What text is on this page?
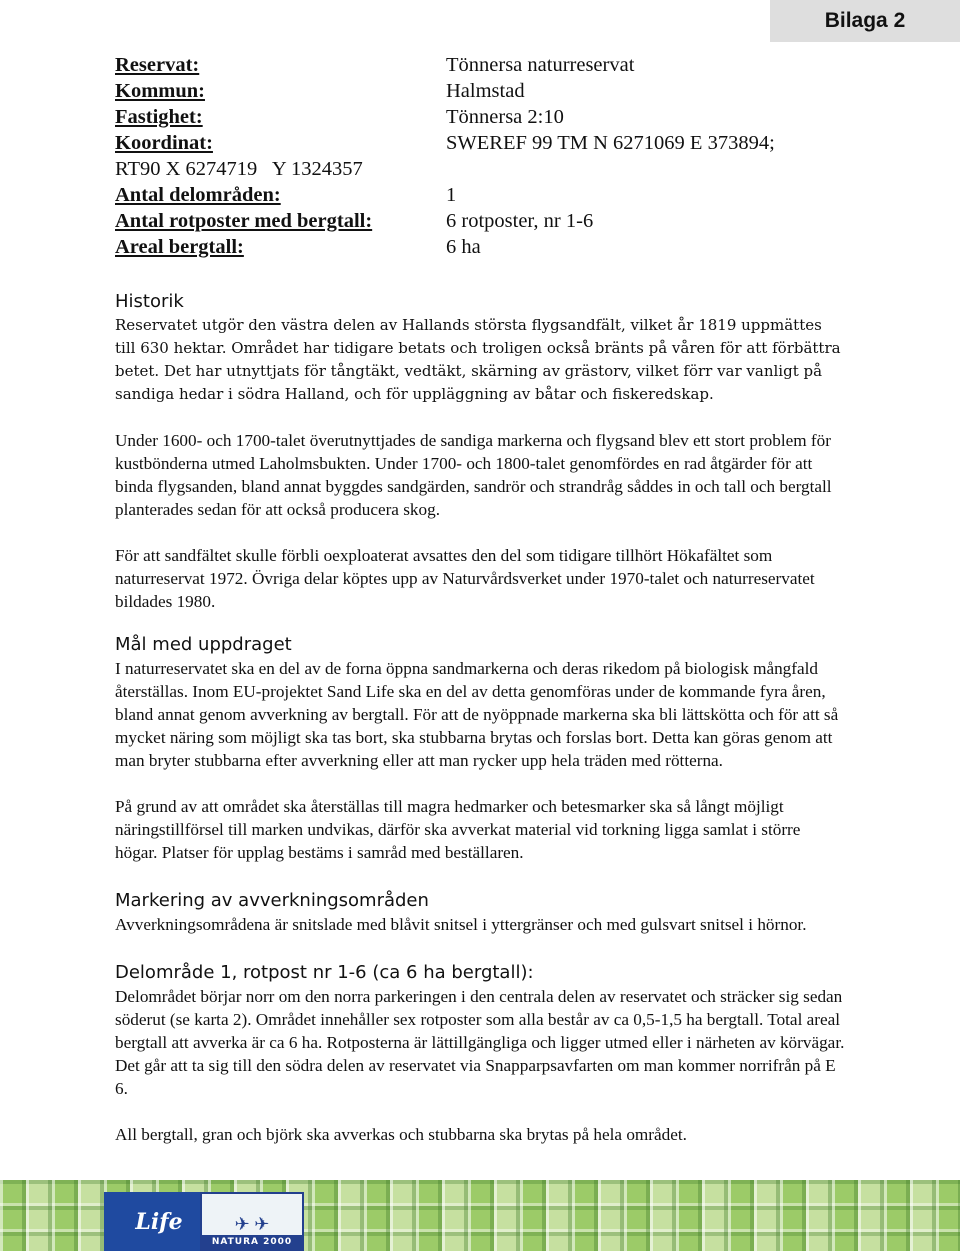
Bilaga 2
Reservat:	Tönnersa naturreservat
Kommun:	Halmstad
Fastighet:	Tönnersa 2:10
Koordinat:	SWEREF 99 TM N 6271069 E 373894;
RT90 X 6274719   Y 1324357
Antal delområden:	1
Antal rotposter med bergtall:	6 rotposter, nr 1-6
Areal bergtall:	6 ha
Historik

Reservatet utgör den västra delen av Hallands största flygsandfält, vilket år 1819 uppmättes till 630 hektar. Området har tidigare betats och troligen också bränts på våren för att förbättra betet. Det har utnyttjats för tångtäkt, vedtäkt, skärning av grästorv, vilket förr var vanligt på sandiga hedar i södra Halland, och för uppläggning av båtar och fiskeredskap.

Under 1600- och 1700-talet överutnyttjades de sandiga markerna och flygsand blev ett stort problem för kustbönderna utmed Laholmsbukten. Under 1700- och 1800-talet genomfördes en rad åtgärder för att binda flygsanden, bland annat byggdes sandgärden, sandrör och strandråg såddes in och tall och bergtall planterades sedan för att också producera skog.

För att sandfältet skulle förbli oexploaterat avsattes den del som tidigare tillhört Hökafältet som naturreservat 1972. Övriga delar köptes upp av Naturvårdsverket under 1970-talet och naturreservatet bildades 1980.

Mål med uppdraget

I naturreservatet ska en del av de forna öppna sandmarkerna och deras rikedom på biologisk mångfald återställas. Inom EU-projektet Sand Life ska en del av detta genomföras under de kommande fyra åren, bland annat genom avverkning av bergtall. För att de nyöppnade markerna ska bli lättskötta och för att så mycket näring som möjligt ska tas bort, ska stubbarna brytas och forslas bort. Detta kan göras genom att man bryter stubbarna efter avverkning eller att man rycker upp hela träden med rötterna.

På grund av att området ska återställas till magra hedmarker och betesmarker ska så långt möjligt näringstillförsel till marken undvikas, därför ska avverkat material vid torkning ligga samlat i större högar. Platser för upplag bestäms i samråd med beställaren.

Markering av avverkningsområden

Avverkningsområdena är snitslade med blåvit snitsel i yttergränser och med gulsvart snitsel i hörnor.

Delområde 1, rotpost nr 1-6 (ca 6 ha bergtall):

Delområdet börjar norr om den norra parkeringen i den centrala delen av reservatet och sträcker sig sedan söderut (se karta 2). Området innehåller sex rotposter som alla består av ca 0,5-1,5 ha bergtall. Total areal bergtall att avverka är ca 6 ha. Rotposterna är lättillgängliga och ligger utmed eller i närheten av körvägar. Det går att ta sig till den södra delen av reservatet via Snapparpsavfarten om man kommer norrifrån på E 6.

All bergtall, gran och björk ska avverkas och stubbarna ska brytas på hela området.

Life	✈ ✈
NATURA 2000
